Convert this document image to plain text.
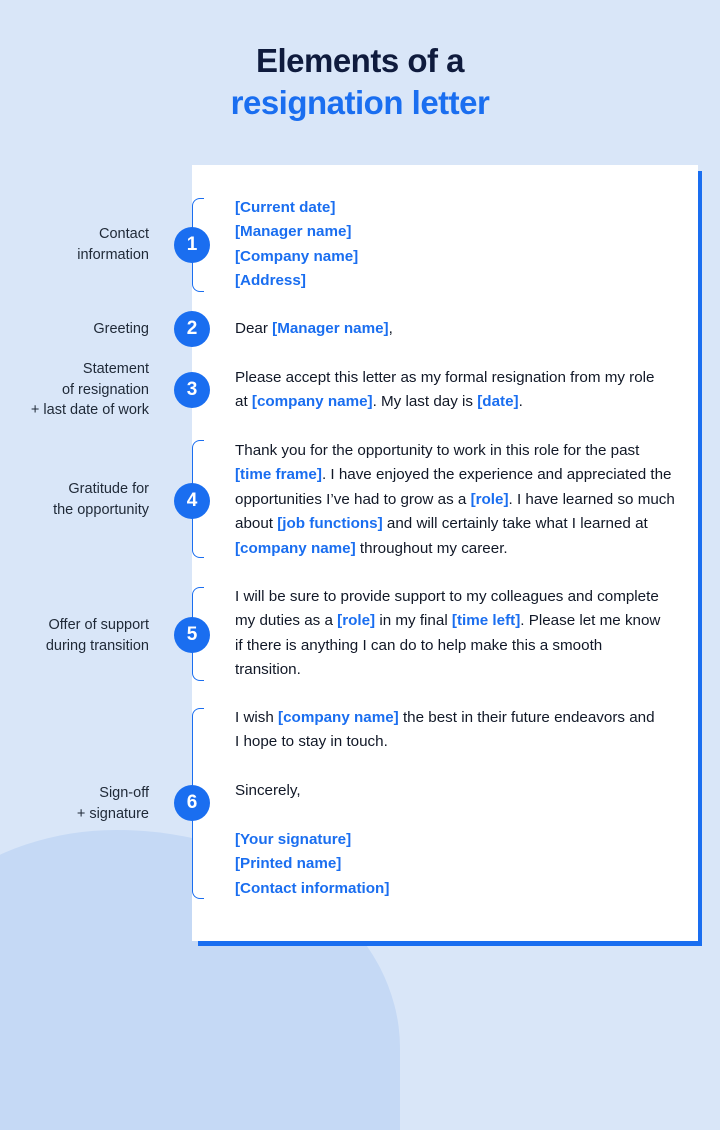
Elements of a
resignation letter
Contact
information
Greeting
Statement
of resignation
+ last date of work
Gratitude for
the opportunity
Offer of support
during transition
Sign-off
+ signature
1
2
3
4
5
6
[Current date]
[Manager name]
[Company name]
[Address]
Dear [Manager name],
Please accept this letter as my formal resignation from my role at [company name]. My last day is [date].
Thank you for the opportunity to work in this role for the past [time frame]. I have enjoyed the experience and appreciated the opportunities I’ve had to grow as a [role]. I have learned so much about [job functions] and will certainly take what I learned at [company name] throughout my career.
I will be sure to provide support to my colleagues and complete my duties as a [role] in my final [time left]. Please let me know if there is anything I can do to help make this a smooth transition.
I wish [company name] the best in their future endeavors and I hope to stay in touch.
Sincerely,
[Your signature]
[Printed name]
[Contact information]
